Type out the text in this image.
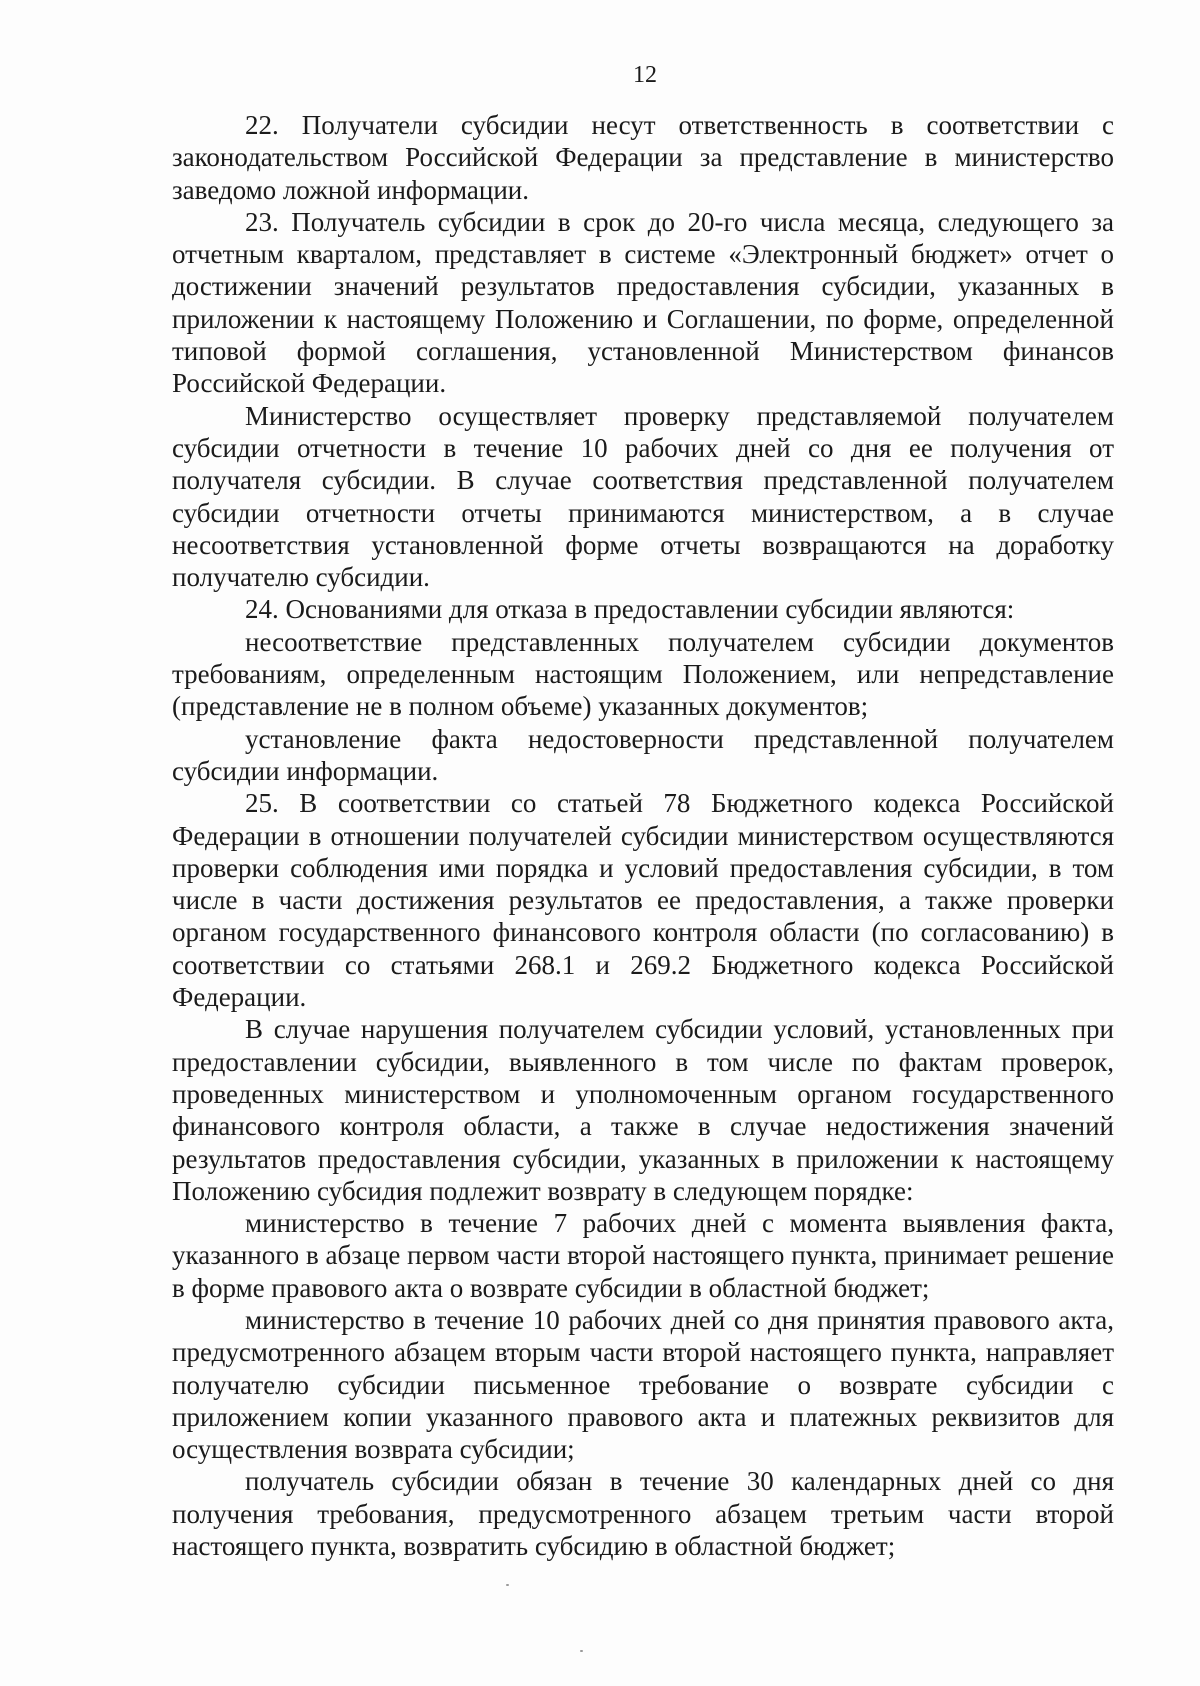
12

22. Получатели субсидии несут ответственность в соответствии с законодательством Российской Федерации за представление в министерство заведомо ложной информации.

23. Получатель субсидии в срок до 20-го числа месяца, следующего за отчетным кварталом, представляет в системе «Электронный бюджет» отчет о достижении значений результатов предоставления субсидии, указанных в приложении к настоящему Положению и Соглашении, по форме, определенной типовой формой соглашения, установленной Министерством финансов Российской Федерации.

Министерство осуществляет проверку представляемой получателем субсидии отчетности в течение 10 рабочих дней со дня ее получения от получателя субсидии. В случае соответствия представленной получателем субсидии отчетности отчеты принимаются министерством, а в случае несоответствия установленной форме отчеты возвращаются на доработку получателю субсидии.

24. Основаниями для отказа в предоставлении субсидии являются:

несоответствие представленных получателем субсидии документов требованиям, определенным настоящим Положением, или непредставление (представление не в полном объеме) указанных документов;

установление факта недостоверности представленной получателем субсидии информации.

25. В соответствии со статьей 78 Бюджетного кодекса Российской Федерации в отношении получателей субсидии министерством осуществляются проверки соблюдения ими порядка и условий предоставления субсидии, в том числе в части достижения результатов ее предоставления, а также проверки органом государственного финансового контроля области (по согласованию) в соответствии со статьями 268.1 и 269.2 Бюджетного кодекса Российской Федерации.

В случае нарушения получателем субсидии условий, установленных при предоставлении субсидии, выявленного в том числе по фактам проверок, проведенных министерством и уполномоченным органом государственного финансового контроля области, а также в случае недостижения значений результатов предоставления субсидии, указанных в приложении к настоящему Положению субсидия подлежит возврату в следующем порядке:

министерство в течение 7 рабочих дней с момента выявления факта, указанного в абзаце первом части второй настоящего пункта, принимает решение в форме правового акта о возврате субсидии в областной бюджет;

министерство в течение 10 рабочих дней со дня принятия правового акта, предусмотренного абзацем вторым части второй настоящего пункта, направляет получателю субсидии письменное требование о возврате субсидии с приложением копии указанного правового акта и платежных реквизитов для осуществления возврата субсидии;

получатель субсидии обязан в течение 30 календарных дней со дня получения требования, предусмотренного абзацем третьим части второй настоящего пункта, возвратить субсидию в областной бюджет;
